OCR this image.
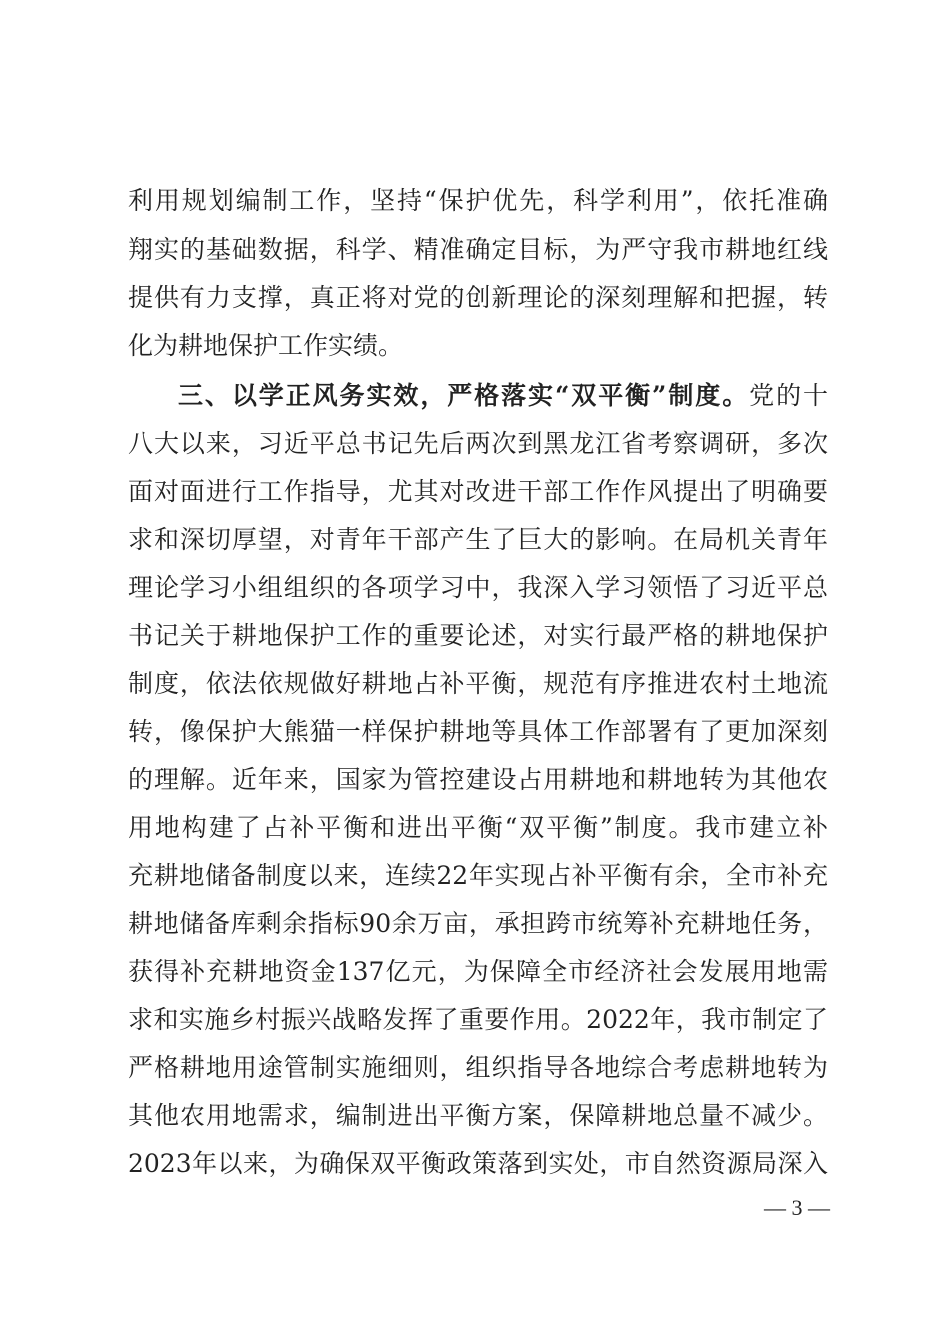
利用规划编制工作，坚持“保护优先，科学利用”，依托准确
翔实的基础数据，科学、精准确定目标，为严守我市耕地红线
提供有力支撑，真正将对党的创新理论的深刻理解和把握，转
化为耕地保护工作实绩。
三、以学正风务实效，严格落实“双平衡”制度。党的十
八大以来，习近平总书记先后两次到黑龙江省考察调研，多次
面对面进行工作指导，尤其对改进干部工作作风提出了明确要
求和深切厚望，对青年干部产生了巨大的影响。在局机关青年
理论学习小组组织的各项学习中，我深入学习领悟了习近平总
书记关于耕地保护工作的重要论述，对实行最严格的耕地保护
制度，依法依规做好耕地占补平衡，规范有序推进农村土地流
转，像保护大熊猫一样保护耕地等具体工作部署有了更加深刻
的理解。近年来，国家为管控建设占用耕地和耕地转为其他农
用地构建了占补平衡和进出平衡“双平衡”制度。我市建立补
充耕地储备制度以来，连续22年实现占补平衡有余，全市补充
耕地储备库剩余指标90余万亩，承担跨市统筹补充耕地任务，
获得补充耕地资金137亿元，为保障全市经济社会发展用地需
求和实施乡村振兴战略发挥了重要作用。2022年，我市制定了
严格耕地用途管制实施细则，组织指导各地综合考虑耕地转为
其他农用地需求，编制进出平衡方案，保障耕地总量不减少。
2023年以来，为确保双平衡政策落到实处，市自然资源局深入
— 3 —
